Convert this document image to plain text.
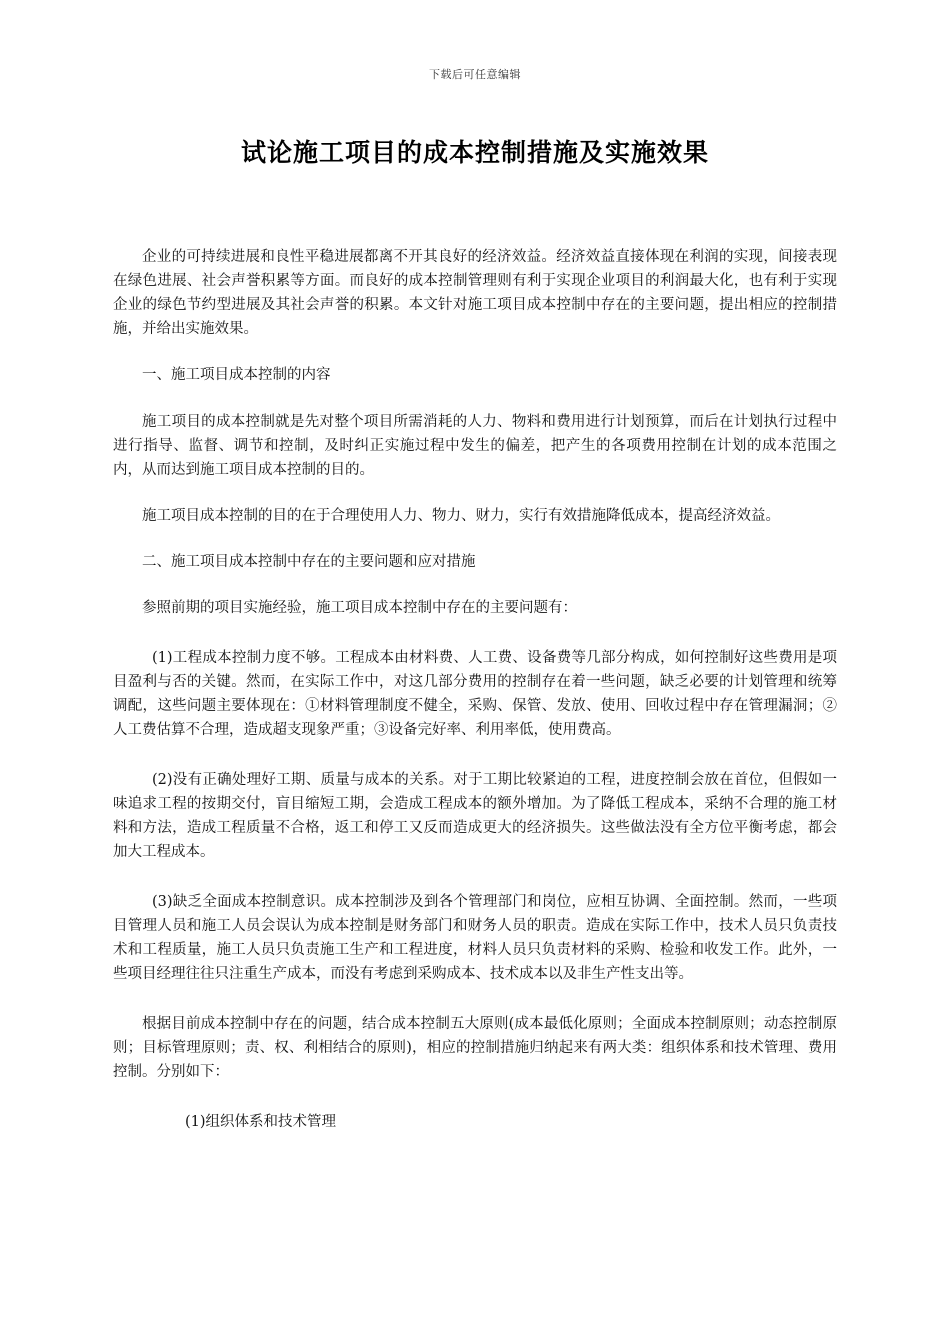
下载后可任意编辑
试论施工项目的成本控制措施及实施效果

企业的可持续进展和良性平稳进展都离不开其良好的经济效益。经济效益直接体现在利润的实现，间接表现在绿色进展、社会声誉积累等方面。而良好的成本控制管理则有利于实现企业项目的利润最大化，也有利于实现企业的绿色节约型进展及其社会声誉的积累。本文针对施工项目成本控制中存在的主要问题，提出相应的控制措施，并给出实施效果。

一、施工项目成本控制的内容

施工项目的成本控制就是先对整个项目所需消耗的人力、物料和费用进行计划预算，而后在计划执行过程中进行指导、监督、调节和控制，及时纠正实施过程中发生的偏差，把产生的各项费用控制在计划的成本范围之内，从而达到施工项目成本控制的目的。

施工项目成本控制的目的在于合理使用人力、物力、财力，实行有效措施降低成本，提高经济效益。

二、施工项目成本控制中存在的主要问题和应对措施

参照前期的项目实施经验，施工项目成本控制中存在的主要问题有：

(1)工程成本控制力度不够。工程成本由材料费、人工费、设备费等几部分构成，如何控制好这些费用是项目盈利与否的关键。然而，在实际工作中，对这几部分费用的控制存在着一些问题，缺乏必要的计划管理和统筹调配，这些问题主要体现在：①材料管理制度不健全，采购、保管、发放、使用、回收过程中存在管理漏洞；②人工费估算不合理，造成超支现象严重；③设备完好率、利用率低，使用费高。

(2)没有正确处理好工期、质量与成本的关系。对于工期比较紧迫的工程，进度控制会放在首位，但假如一味追求工程的按期交付，盲目缩短工期，会造成工程成本的额外增加。为了降低工程成本，采纳不合理的施工材料和方法，造成工程质量不合格，返工和停工又反而造成更大的经济损失。这些做法没有全方位平衡考虑，都会加大工程成本。

(3)缺乏全面成本控制意识。成本控制涉及到各个管理部门和岗位，应相互协调、全面控制。然而，一些项目管理人员和施工人员会误认为成本控制是财务部门和财务人员的职责。造成在实际工作中，技术人员只负责技术和工程质量，施工人员只负责施工生产和工程进度，材料人员只负责材料的采购、检验和收发工作。此外，一些项目经理往往只注重生产成本，而没有考虑到采购成本、技术成本以及非生产性支出等。

根据目前成本控制中存在的问题，结合成本控制五大原则(成本最低化原则；全面成本控制原则；动态控制原则；目标管理原则；责、权、利相结合的原则)，相应的控制措施归纳起来有两大类：组织体系和技术管理、费用控制。分别如下：

(1)组织体系和技术管理
